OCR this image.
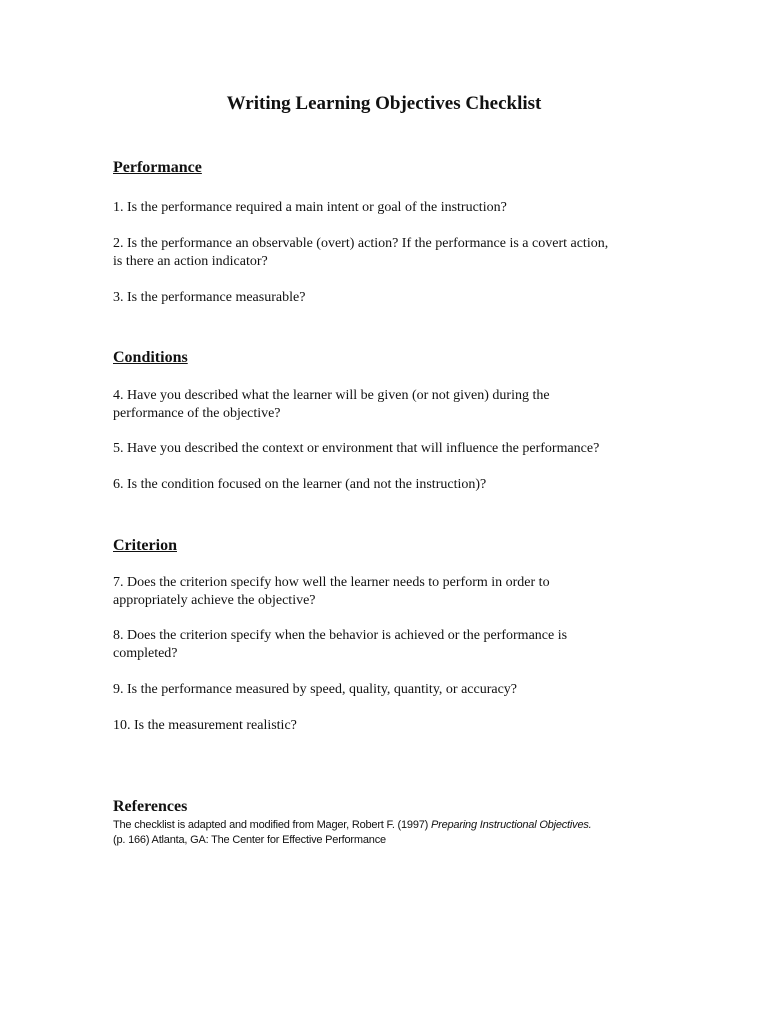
Writing Learning Objectives Checklist
Performance

1. Is the performance required a main intent or goal of the instruction?

2. Is the performance an observable (overt) action? If the performance is a covert action,
is there an action indicator?

3. Is the performance measurable?

Conditions

4. Have you described what the learner will be given (or not given) during the
performance of the objective?

5. Have you described the context or environment that will influence the performance?

6. Is the condition focused on the learner (and not the instruction)?

Criterion

7. Does the criterion specify how well the learner needs to perform in order to
appropriately achieve the objective?

8. Does the criterion specify when the behavior is achieved or the performance is
completed?

9. Is the performance measured by speed, quality, quantity, or accuracy?

10. Is the measurement realistic?

References

The checklist is adapted and modified from Mager, Robert F. (1997) Preparing Instructional Objectives.
(p. 166) Atlanta, GA: The Center for Effective Performance
